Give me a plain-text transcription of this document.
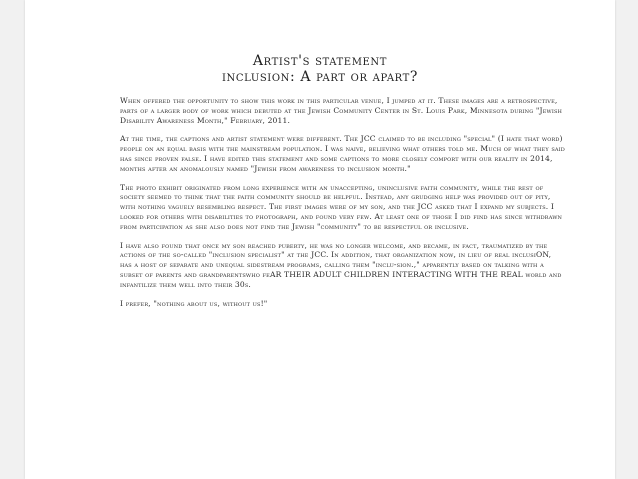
Artist's statement
inclusion: A part or apart?

When offered the opportunity to show this work in this particular venue, I jumped at it. These images are a retrospective, parts of a larger body of work which debuted at the Jewish Community Center in St. Louis Park, Minnesota during "Jewish Disability Awareness Month," February, 2011.

At the time, the captions and artist statement were different. The JCC claimed to be including "special" (I hate that word) people on an equal basis with the mainstream population. I was naive, believing what others told me. Much of what they said has since proven false. I have edited this statement and some captions to more closely comport with our reality in 2014, months after an anomalously named "Jewish from awareness to inclusion month."

The photo exhibit originated from long experience with an unaccepting, uninclusive faith community, while the rest of society seemed to think that the faith community should be helpful. Instead, any grudging help was provided out of pity, with nothing vaguely resembling respect. The first images were of my son, and the JCC asked that I expand my subjects. I looked for others with disabilities to photograph, and found very few. At least one of those I did find has since withdrawn from participation as she also does not find the Jewish "community" to be respectful or inclusive.

I have also found that once my son reached puberty, he was no longer welcome, and became, in fact, traumatized by the actions of the so-called "inclusion specialist" at the JCC. In addition, that organization now, in lieu of real inclusiON, has a host of separate and unequal sidestream programs, calling them "inclu-sion.," apparently based on talking with a subset of parents and grandparentswho feAR THEIR ADULT CHILDREN INTERACTING WITH THE REAL world and infantilize them well into their 30s.

I prefer, "nothing about us, without us!"
